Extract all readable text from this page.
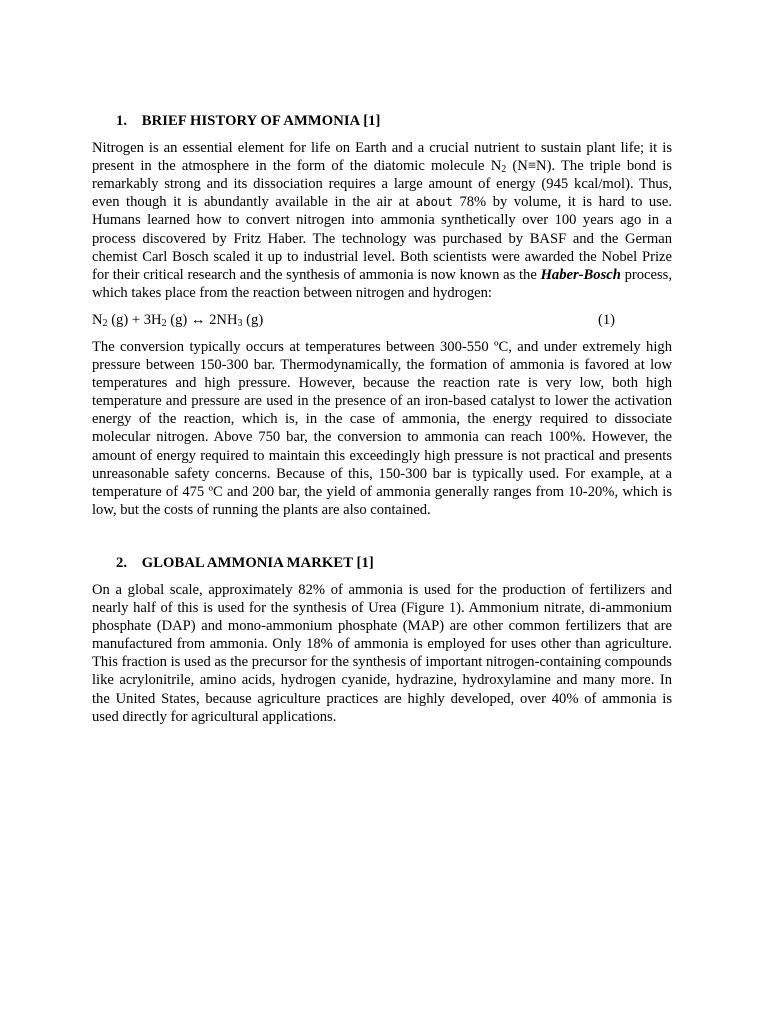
1. BRIEF HISTORY OF AMMONIA [1]

Nitrogen is an essential element for life on Earth and a crucial nutrient to sustain plant life; it is present in the atmosphere in the form of the diatomic molecule $N_2$ (N≡N). The triple bond is remarkably strong and its dissociation requires a large amount of energy (945 kcal/mol). Thus, even though it is abundantly available in the air at about 78% by volume, it is hard to use. Humans learned how to convert nitrogen into ammonia synthetically over 100 years ago in a process discovered by Fritz Haber. The technology was purchased by BASF and the German chemist Carl Bosch scaled it up to industrial level. Both scientists were awarded the Nobel Prize for their critical research and the synthesis of ammonia is now known as the Haber-Bosch process, which takes place from the reaction between nitrogen and hydrogen:

$N_2$ $(g) + 3H_2$ (g) ↔ $2NH_3$ (g)	(1)

The conversion typically occurs at temperatures between 300-550 ºC, and under extremely high pressure between 150-300 bar. Thermodynamically, the formation of ammonia is favored at low temperatures and high pressure. However, because the reaction rate is very low, both high temperature and pressure are used in the presence of an iron-based catalyst to lower the activation energy of the reaction, which is, in the case of ammonia, the energy required to dissociate molecular nitrogen. Above 750 bar, the conversion to ammonia can reach 100%. However, the amount of energy required to maintain this exceedingly high pressure is not practical and presents unreasonable safety concerns. Because of this, 150-300 bar is typically used. For example, at a temperature of 475 ºC and 200 bar, the yield of ammonia generally ranges from 10-20%, which is low, but the costs of running the plants are also contained.

2. GLOBAL AMMONIA MARKET [1]

On a global scale, approximately 82% of ammonia is used for the production of fertilizers and nearly half of this is used for the synthesis of Urea (Figure 1). Ammonium nitrate, di-ammonium phosphate (DAP) and mono-ammonium phosphate (MAP) are other common fertilizers that are manufactured from ammonia. Only 18% of ammonia is employed for uses other than agriculture. This fraction is used as the precursor for the synthesis of important nitrogen-containing compounds like acrylonitrile, amino acids, hydrogen cyanide, hydrazine, hydroxylamine and many more. In the United States, because agriculture practices are highly developed, over 40% of ammonia is used directly for agricultural applications.
